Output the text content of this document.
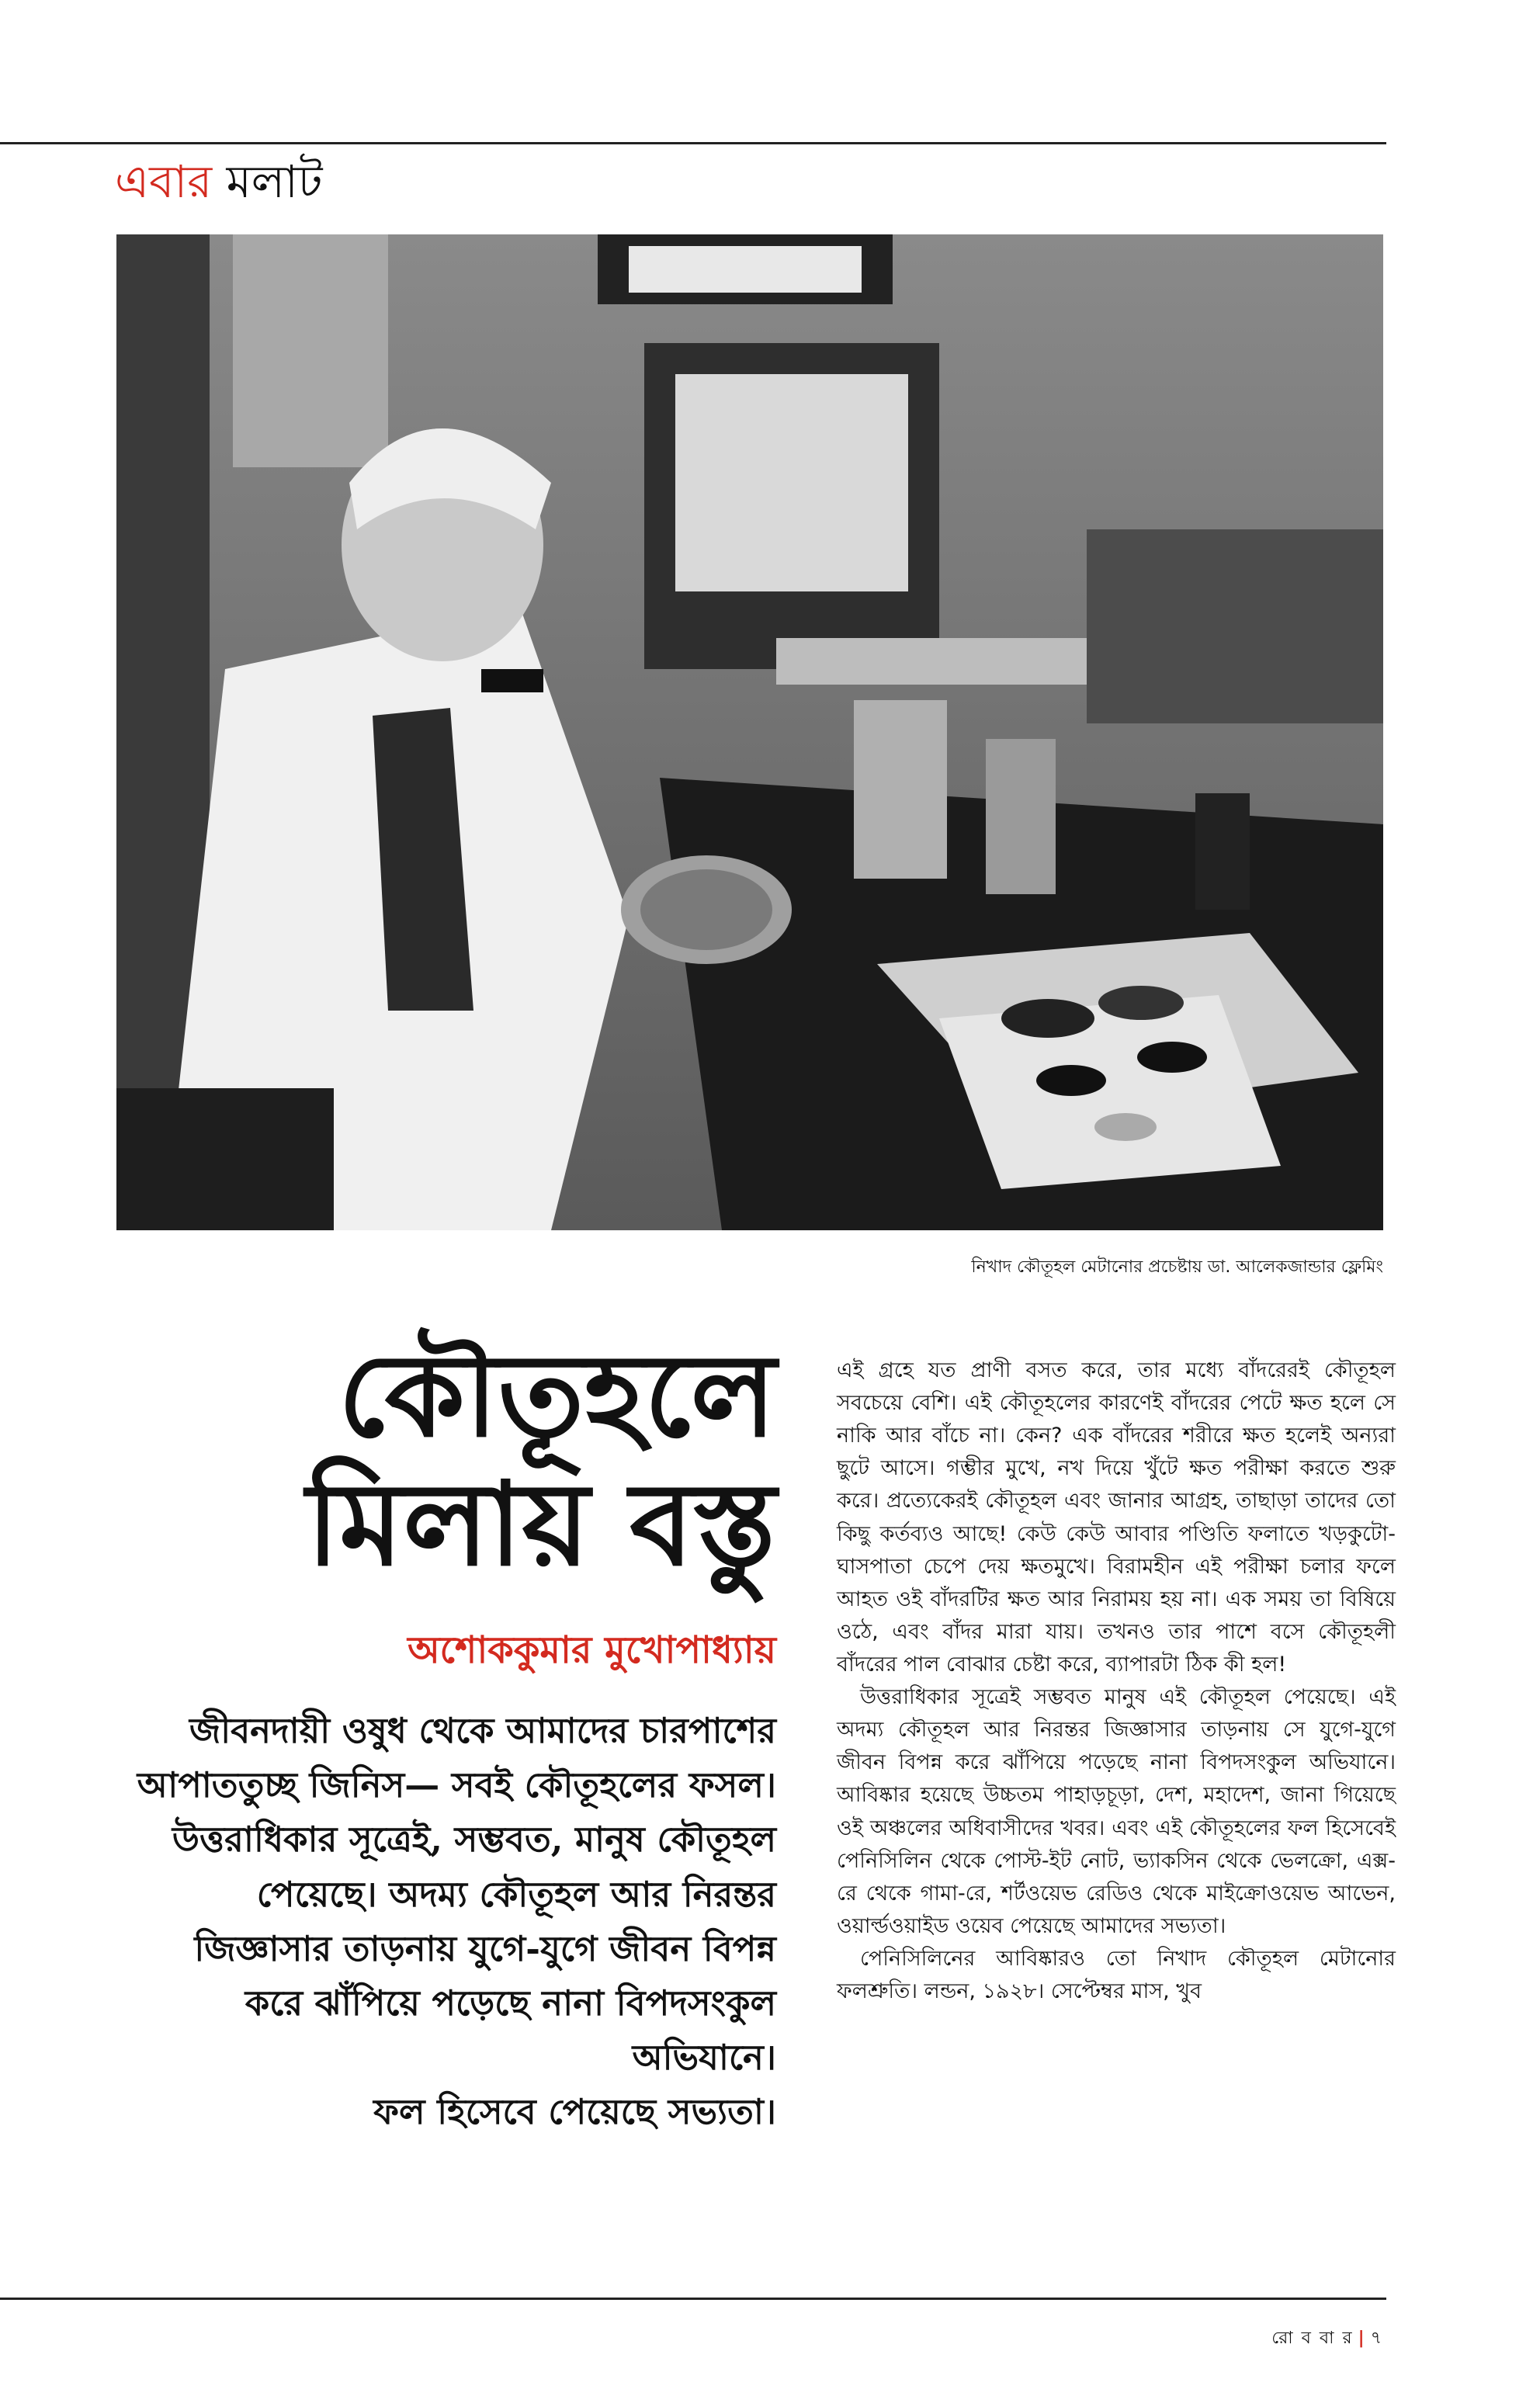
এবার মলাট
নিখাদ কৌতূহল মেটানোর প্রচেষ্টায় ডা. আলেকজান্ডার ফ্লেমিং
কৌতূহলে
মিলায় বস্তু
অশোককুমার মুখোপাধ্যায়

জীবনদায়ী ওষুধ থেকে আমাদের চারপাশের আপাততুচ্ছ জিনিস— সবই কৌতূহলের ফসল। উত্তরাধিকার সূত্রেই, সম্ভবত, মানুষ কৌতূহল পেয়েছে। অদম্য কৌতূহল আর নিরন্তর জিজ্ঞাসার তাড়নায় যুগে-যুগে জীবন বিপন্ন করে ঝাঁপিয়ে পড়েছে নানা বিপদসংকুল অভিযানে।

ফল হিসেবে পেয়েছে সভ্যতা।

এই গ্রহে যত প্রাণী বসত করে, তার মধ্যে বাঁদরেরই কৌতূহল সবচেয়ে বেশি। এই কৌতূহলের কারণেই বাঁদরের পেটে ক্ষত হলে সে নাকি আর বাঁচে না। কেন? এক বাঁদরের শরীরে ক্ষত হলেই অন্যরা ছুটে আসে। গম্ভীর মুখে, নখ দিয়ে খুঁটে ক্ষত পরীক্ষা করতে শুরু করে। প্রত্যেকেরই কৌতূহল এবং জানার আগ্রহ, তাছাড়া তাদের তো কিছু কর্তব্যও আছে! কেউ কেউ আবার পণ্ডিতি ফলাতে খড়কুটো-ঘাসপাতা চেপে দেয় ক্ষতমুখে। বিরামহীন এই পরীক্ষা চলার ফলে আহত ওই বাঁদরটির ক্ষত আর নিরাময় হয় না। এক সময় তা বিষিয়ে ওঠে, এবং বাঁদর মারা যায়। তখনও তার পাশে বসে কৌতূহলী বাঁদরের পাল বোঝার চেষ্টা করে, ব্যাপারটা ঠিক কী হল!

উত্তরাধিকার সূত্রেই সম্ভবত মানুষ এই কৌতূহল পেয়েছে। এই অদম্য কৌতূহল আর নিরন্তর জিজ্ঞাসার তাড়নায় সে যুগে-যুগে জীবন বিপন্ন করে ঝাঁপিয়ে পড়েছে নানা বিপদসংকুল অভিযানে। আবিষ্কার হয়েছে উচ্চতম পাহাড়চূড়া, দেশ, মহাদেশ, জানা গিয়েছে ওই অঞ্চলের অধিবাসীদের খবর। এবং এই কৌতূহলের ফল হিসেবেই পেনিসিলিন থেকে পোস্ট-ইট নোট, ভ্যাকসিন থেকে ভেলক্রো, এক্স-রে থেকে গামা-রে, শর্টওয়েভ রেডিও থেকে মাইক্রোওয়েভ আভেন, ওয়ার্ল্ডওয়াইড ওয়েব পেয়েছে আমাদের সভ্যতা।

পেনিসিলিনের আবিষ্কারও তো নিখাদ কৌতূহল মেটানোর ফলশ্রুতি। লন্ডন, ১৯২৮। সেপ্টেম্বর মাস, খুব

রো ব বা র | ৭
